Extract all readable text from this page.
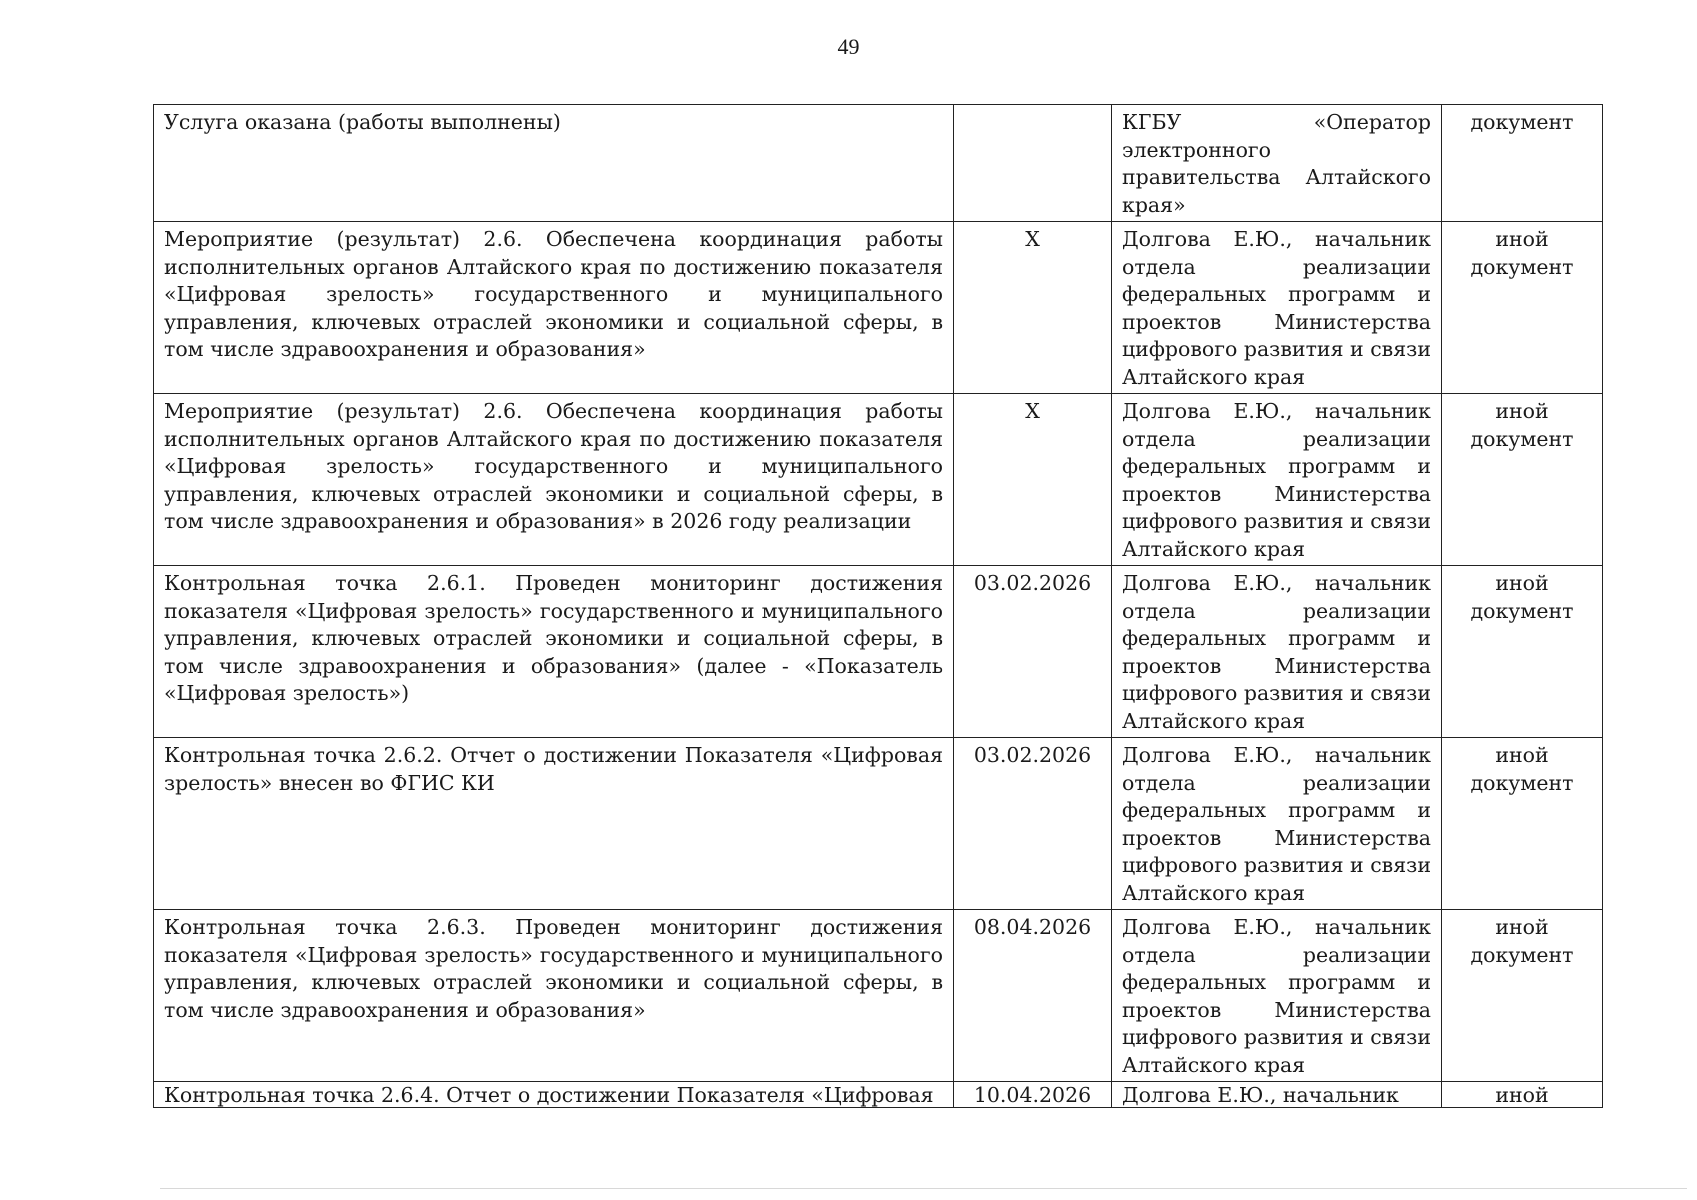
49
Услуга оказана (работы выполнены)		КГБУ «Оператор электронного правительства Алтайского края»	документ
Мероприятие (результат) 2.6. Обеспечена координация работы исполнительных органов Алтайского края по достижению показателя «Цифровая зрелость» государственного и муниципального управления, ключевых отраслей экономики и социальной сферы, в том числе здравоохранения и образования»	X	Долгова Е.Ю., начальник отдела реализации федеральных программ и проектов Министерства цифрового развития и связи Алтайского края	иной документ
Мероприятие (результат) 2.6. Обеспечена координация работы исполнительных органов Алтайского края по достижению показателя «Цифровая зрелость» государственного и муниципального управления, ключевых отраслей экономики и социальной сферы, в том числе здравоохранения и образования» в 2026 году реализации	X	Долгова Е.Ю., начальник отдела реализации федеральных программ и проектов Министерства цифрового развития и связи Алтайского края	иной документ
Контрольная точка 2.6.1. Проведен мониторинг достижения показателя «Цифровая зрелость» государственного и муниципального управления, ключевых отраслей экономики и социальной сферы, в том числе здравоохранения и образования» (далее - «Показатель «Цифровая зрелость»)	03.02.2026	Долгова Е.Ю., начальник отдела реализации федеральных программ и проектов Министерства цифрового развития и связи Алтайского края	иной документ
Контрольная точка 2.6.2. Отчет о достижении Показателя «Цифровая зрелость» внесен во ФГИС КИ	03.02.2026	Долгова Е.Ю., начальник отдела реализации федеральных программ и проектов Министерства цифрового развития и связи Алтайского края	иной документ
Контрольная точка 2.6.3. Проведен мониторинг достижения показателя «Цифровая зрелость» государственного и муниципального управления, ключевых отраслей экономики и социальной сферы, в том числе здравоохранения и образования»	08.04.2026	Долгова Е.Ю., начальник отдела реализации федеральных программ и проектов Министерства цифрового развития и связи Алтайского края	иной документ
Контрольная точка 2.6.4. Отчет о достижении Показателя «Цифровая	10.04.2026	Долгова Е.Ю., начальник	иной
